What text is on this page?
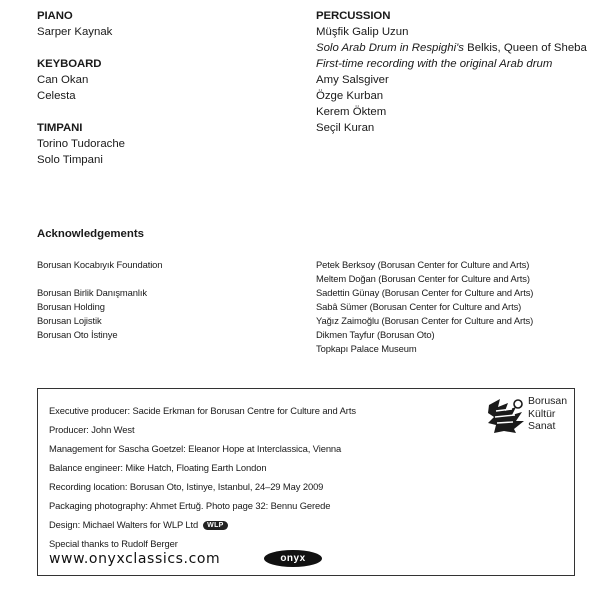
PIANO
Sarper Kaynak
KEYBOARD
Can Okan
Celesta
TIMPANI
Torino Tudorache
Solo Timpani
PERCUSSION
Müşfik Galip Uzun
Solo Arab Drum in Respighi's Belkis, Queen of Sheba
First-time recording with the original Arab drum
Amy Salsgiver
Özge Kurban
Kerem Öktem
Seçil Kuran
Acknowledgements
Borusan Kocabıyık Foundation
Borusan Birlik Danışmanlık
Borusan Holding
Borusan Lojistik
Borusan Oto İstinye
Petek Berksoy (Borusan Center for Culture and Arts)
Meltem Doğan (Borusan Center for Culture and Arts)
Sadettin Günay (Borusan Center for Culture and Arts)
Sabâ Sümer (Borusan Center for Culture and Arts)
Yağız Zaimoğlu (Borusan Center for Culture and Arts)
Dikmen Tayfur (Borusan Oto)
Topkapı Palace Museum
Executive producer: Sacide Erkman for Borusan Centre for Culture and Arts
Producer: John West
Management for Sascha Goetzel: Eleanor Hope at Interclassica, Vienna
Balance engineer: Mike Hatch, Floating Earth London
Recording location: Borusan Oto, Istinye, Istanbul, 24–29 May 2009
Packaging photography: Ahmet Ertuğ. Photo page 32: Bennu Gerede
Design: Michael Walters for WLP Ltd WLP
Special thanks to Rudolf Berger
www.onyxclassics.com	onyx
Borusan
Kültür
Sanat
